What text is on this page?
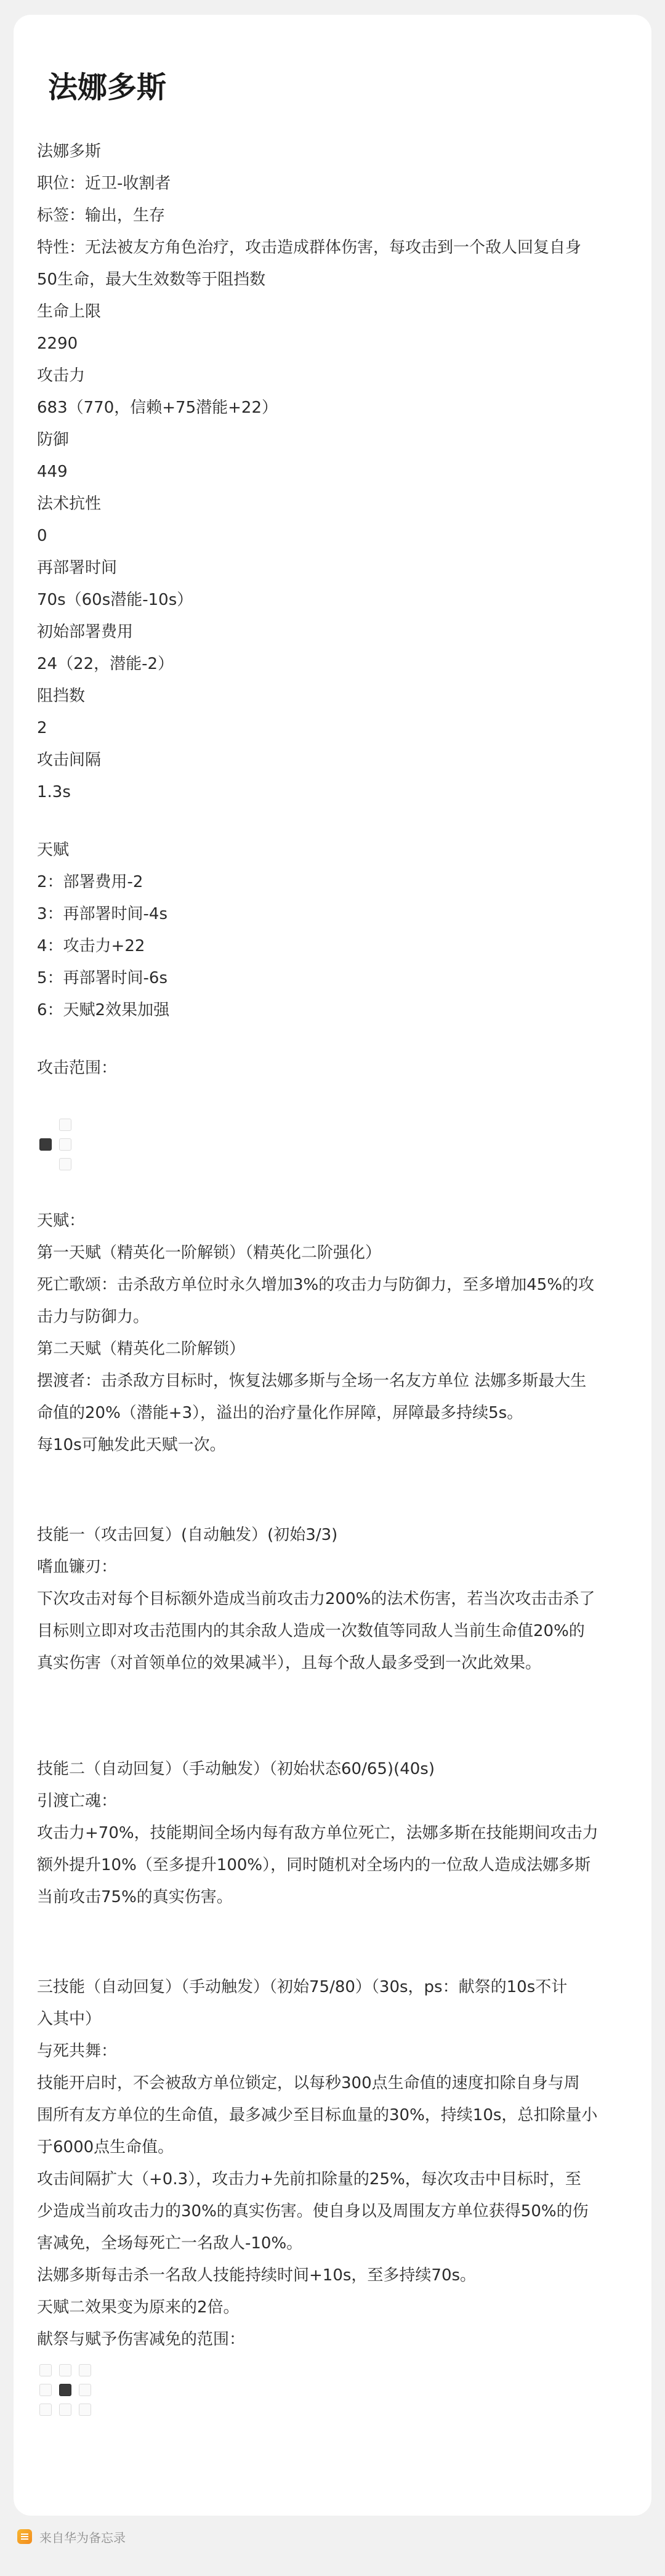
法娜多斯
法娜多斯
职位：近卫-收割者
标签：输出，生存
特性：无法被友方角色治疗，攻击造成群体伤害，每攻击到一个敌人回复自身
50生命，最大生效数等于阻挡数
生命上限
2290
攻击力
683（770，信赖+75潜能+22）
防御
449
法术抗性
0
再部署时间
70s（60s潜能-10s）
初始部署费用
24（22，潜能-2）
阻挡数
2
攻击间隔
1.3s
天赋
2：部署费用-2
3：再部署时间-4s
4：攻击力+22
5：再部署时间-6s
6：天赋2效果加强
攻击范围：
天赋：
第一天赋（精英化一阶解锁）（精英化二阶强化）
死亡歌颂：击杀敌方单位时永久增加3%的攻击力与防御力，至多增加45%的攻
击力与防御力。
第二天赋（精英化二阶解锁）
摆渡者：击杀敌方目标时，恢复法娜多斯与全场一名友方单位 法娜多斯最大生
命值的20%（潜能+3），溢出的治疗量化作屏障，屏障最多持续5s。
每10s可触发此天赋一次。
技能一（攻击回复）(自动触发）(初始3/3)
嗜血镰刃：
下次攻击对每个目标额外造成当前攻击力200%的法术伤害，若当次攻击击杀了
目标则立即对攻击范围内的其余敌人造成一次数值等同敌人当前生命值20%的
真实伤害（对首领单位的效果减半），且每个敌人最多受到一次此效果。
技能二（自动回复）（手动触发）（初始状态60/65)(40s)
引渡亡魂：
攻击力+70%，技能期间全场内每有敌方单位死亡，法娜多斯在技能期间攻击力
额外提升10%（至多提升100%），同时随机对全场内的一位敌人造成法娜多斯
当前攻击75%的真实伤害。
三技能（自动回复）（手动触发）（初始75/80）（30s，ps：献祭的10s不计
入其中）
与死共舞：
技能开启时，不会被敌方单位锁定，以每秒300点生命值的速度扣除自身与周
围所有友方单位的生命值，最多减少至目标血量的30%，持续10s，总扣除量小
于6000点生命值。
攻击间隔扩大（+0.3），攻击力+先前扣除量的25%，每次攻击中目标时，至
少造成当前攻击力的30%的真实伤害。使自身以及周围友方单位获得50%的伤
害减免，全场每死亡一名敌人-10%。
法娜多斯每击杀一名敌人技能持续时间+10s，至多持续70s。
天赋二效果变为原来的2倍。
献祭与赋予伤害减免的范围：
来自华为备忘录
